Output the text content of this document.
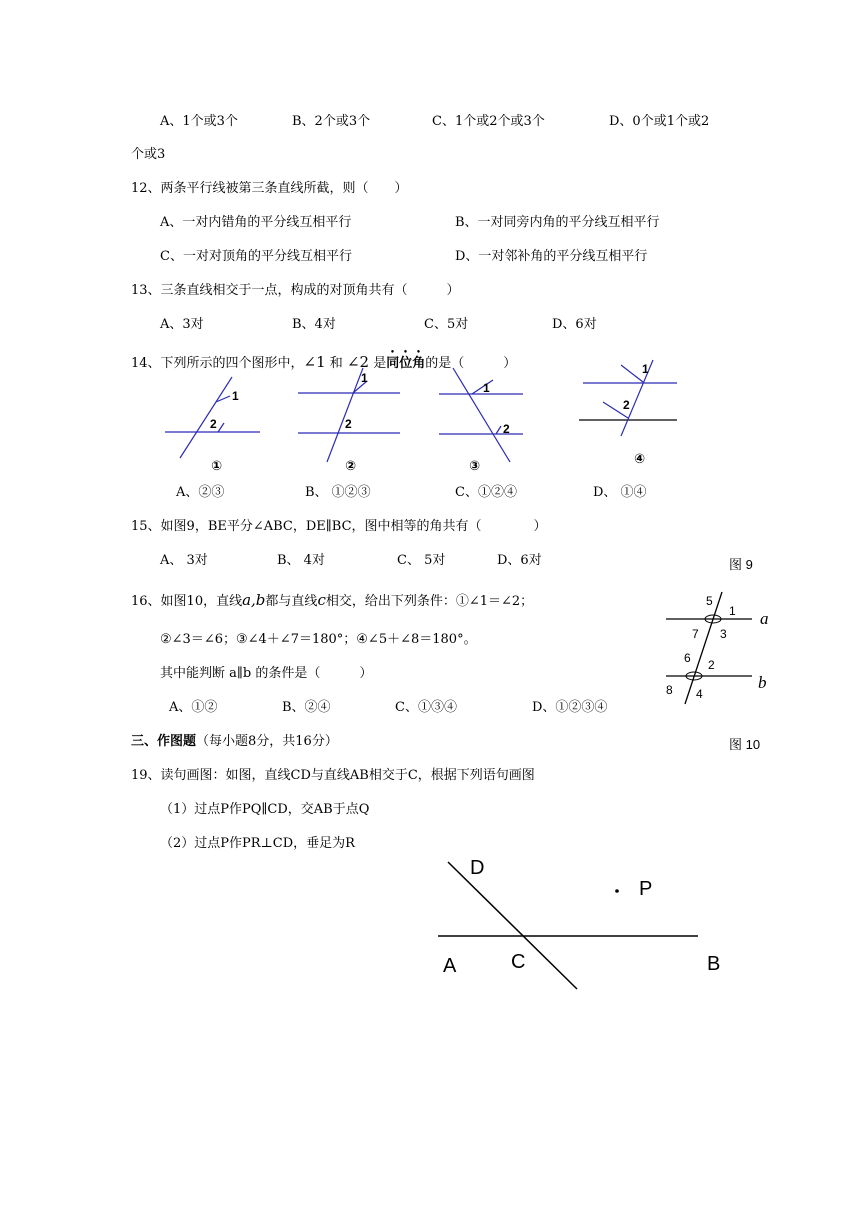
A、1个或3个	B、2个或3个	C、1个或2个或3个	D、0个或1个或2
个或3
12、两条平行线被第三条直线所截，则（　　）
A、一对内错角的平分线互相平行	B、一对同旁内角的平分线互相平行
C、一对对顶角的平分线互相平行	D、一对邻补角的平分线互相平行
13、三条直线相交于一点，构成的对顶角共有（　　　）
A、3对	B、4对	C、5对	D、6对
14、下列所示的四个图形中，∠1 和 ∠2 是同位角的是（　　　）
1
2
①
1
2
②
1
2
③
1
2
④
A、②③	B、 ①②③	C、①②④	D、 ①④
15、如图9，BE平分∠ABC，DE∥BC，图中相等的角共有（　　　　）
A、 3对	B、 4对	C、 5对	D、6对	图 9
16、如图10，直线a,b都与直线c相交，给出下列条件：①∠1＝∠2；
②∠3＝∠6；③∠4＋∠7＝180°；④∠5＋∠8＝180°。
其中能判断 a∥b 的条件是（　　　）
A、①②	B、②④	C、①③④	D、①②③④
5
1
7 3
6 2
8 4
a
b
图 10
三、作图题（每小题8分，共16分）
19、读句画图：如图，直线CD与直线AB相交于C，根据下列语句画图
（1）过点P作PQ∥CD，交AB于点Q
（2）过点P作PR⊥CD，垂足为R
D
P
A	C	B
